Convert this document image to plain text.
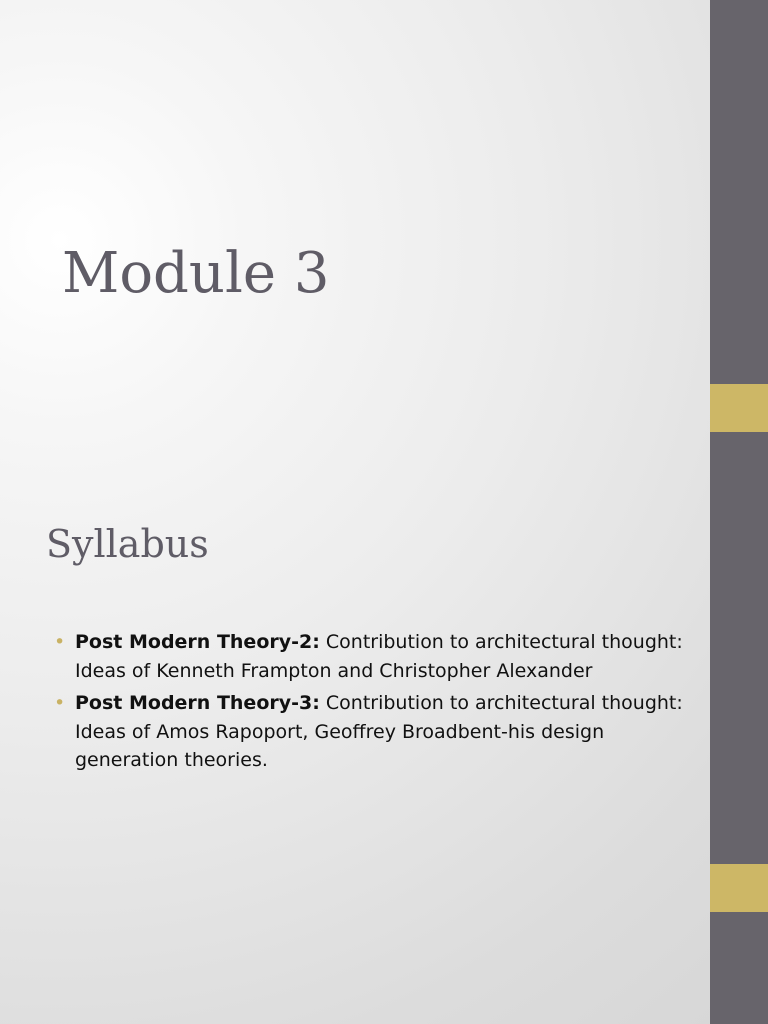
Module 3
Syllabus
• Post Modern Theory-2: Contribution to architectural thought: Ideas of Kenneth Frampton and Christopher Alexander
• Post Modern Theory-3: Contribution to architectural thought: Ideas of Amos Rapoport, Geoffrey Broadbent-his design generation theories.
